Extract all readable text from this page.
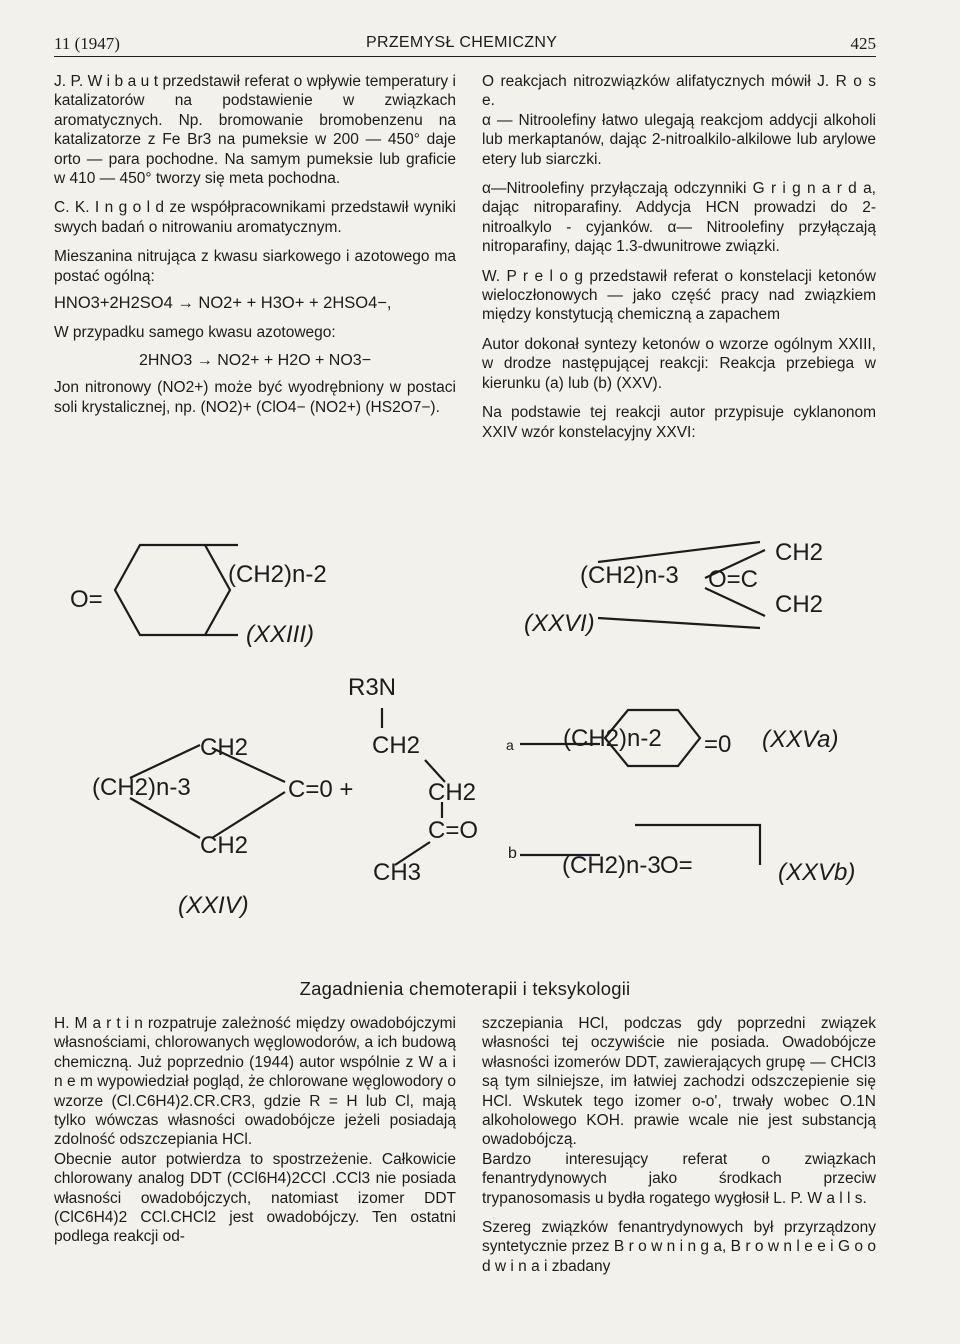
11 (1947)	PRZEMYSŁ CHEMICZNY	425

J. P. W i b a u t przedstawił referat o wpływie temperatury i katalizatorów na podstawienie w związkach aromatycznych. Np. bromowanie bromobenzenu na katalizatorze z Fe Br3 na pumeksie w 200 — 450° daje orto — para pochodne. Na samym pumeksie lub graficie w 410 — 450° tworzy się meta pochodna.

C. K. I n g o l d ze współpracownikami przedstawił wyniki swych badań o nitrowaniu aromatycznym.

Mieszanina nitrująca z kwasu siarkowego i azotowego ma postać ogólną:

HNO3+2H2SO4 → NO2+ + H3O+ + 2HSO4−,

W przypadku samego kwasu azotowego:

2HNO3 → NO2+ + H2O + NO3−

Jon nitronowy (NO2+) może być wyodrębniony w postaci soli krystalicznej, np. (NO2)+ (ClO4− (NO2+) (HS2O7−).

O reakcjach nitrozwiązków alifatycznych mówił J. R o s e.

α — Nitroolefiny łatwo ulegają reakcjom addycji alkoholi lub merkaptanów, dając 2-nitroalkilo-alkilowe lub arylowe etery lub siarczki.

α—Nitroolefiny przyłączają odczynniki G r i g n a r d a, dając nitroparafiny. Addycja HCN prowadzi do 2-nitroalkylo - cyjanków. α— Nitroolefiny przyłączają nitroparafiny, dając 1.3-dwunitrowe związki.

W. P r e l o g przedstawił referat o konstelacji ketonów wieloczłonowych — jako część pracy nad związkiem między konstytucją chemiczną a zapachem

Autor dokonał syntezy ketonów o wzorze ogólnym XXIII, w drodze następującej reakcji: Reakcja przebiega w kierunku (a) lub (b) (XXV).

Na podstawie tej reakcji autor przypisuje cyklanonom XXIV wzór konstelacyjny XXVI:

O=
(CH2)n-2
(XXIII)
(CH2)n-3 O=C
CH2
CH2
(XXVI)
R3N
CH2
CH2
C=O
CH3
CH2
(CH2)n-3	C=0 +
CH2
(XXIV)
a (CH2)n-2 =0 (XXVa)
b (CH2)n-3 O=	(XXVb)
Zagadnienia chemoterapii i teksykologii

H. M a r t i n rozpatruje zależność między owadobójczymi własnościami, chlorowanych węglowodorów, a ich budową chemiczną. Już poprzednio (1944) autor wspólnie z W a i n e m wypowiedział pogląd, że chlorowane węglowodory o wzorze (Cl.C6H4)2.CR.CR3, gdzie R = H lub Cl, mają tylko wówczas własności owadobójcze jeżeli posiadają zdolność odszczepiania HCl.

Obecnie autor potwierdza to spostrzeżenie. Całkowicie chlorowany analog DDT (CCl6H4)2CCl .CCl3 nie posiada własności owadobójczych, natomiast izomer DDT (ClC6H4)2 CCl.CHCl2 jest owadobójczy. Ten ostatni podlega reakcji od-

szczepiania HCl, podczas gdy poprzedni związek własności tej oczywiście nie posiada. Owadobójcze własności izomerów DDT, zawierających grupę — CHCl3 są tym silniejsze, im łatwiej zachodzi odszczepienie się HCl. Wskutek tego izomer o-o', trwały wobec O.1N alkoholowego KOH. prawie wcale nie jest substancją owadobójczą.

Bardzo interesujący referat o związkach fenantrydynowych jako środkach przeciw trypanosomasis u bydła rogatego wygłosił L. P. W a l l s.

Szereg związków fenantrydynowych był przyrządzony syntetycznie przez B r o w n i n g a, B r o w n l e e i G o o d w i n a i zbadany
